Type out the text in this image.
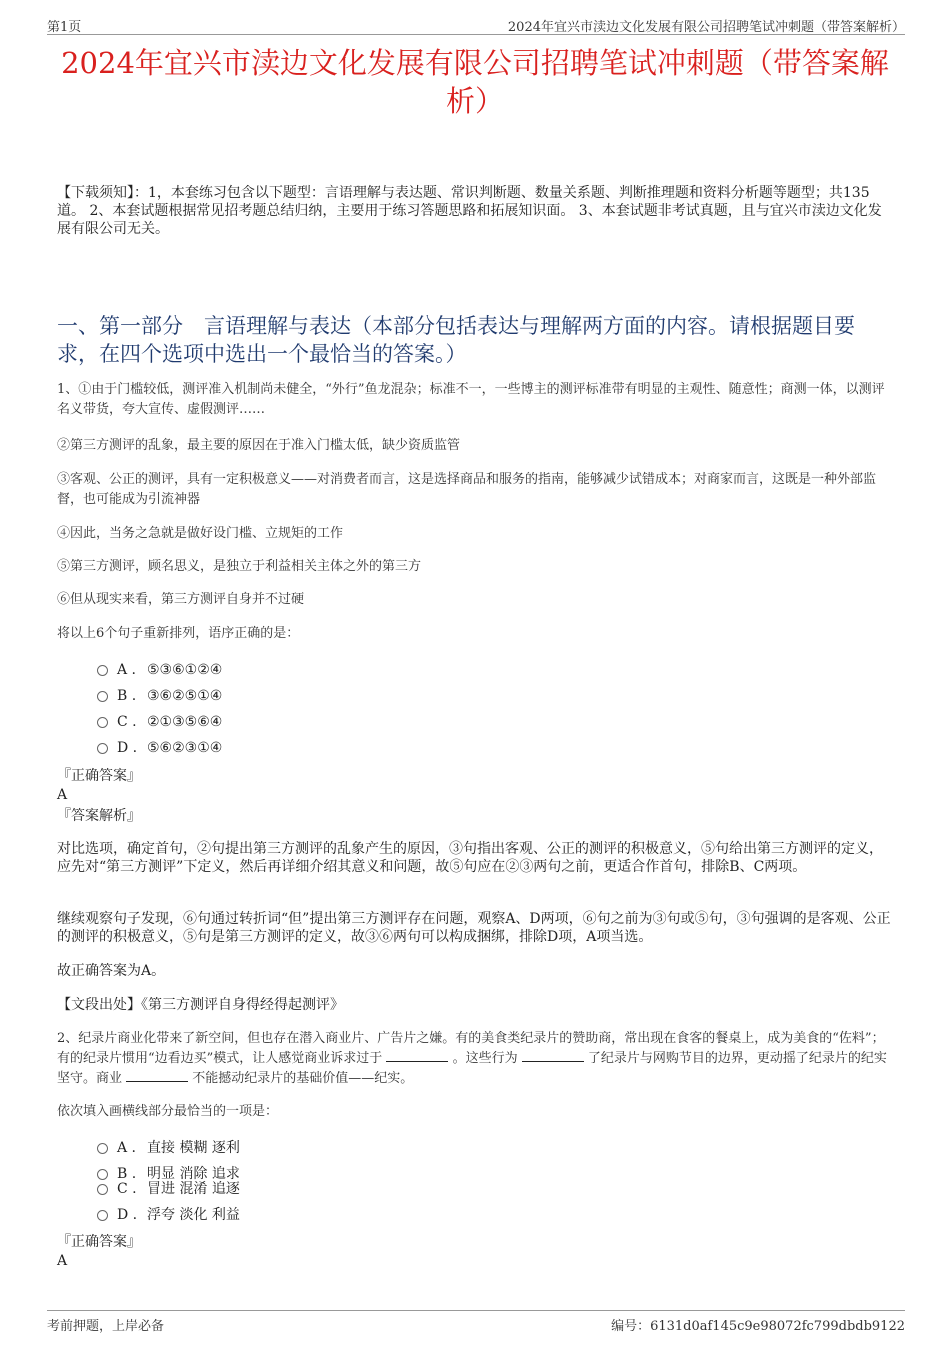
第1页	2024年宜兴市渎边文化发展有限公司招聘笔试冲刺题（带答案解析）
2024年宜兴市渎边文化发展有限公司招聘笔试冲刺题（带答案解析）
【下载须知】：1，本套练习包含以下题型：言语理解与表达题、常识判断题、数量关系题、判断推理题和资料分析题等题型；共135道。 2、本套试题根据常见招考题总结归纳，主要用于练习答题思路和拓展知识面。 3、本套试题非考试真题，且与宜兴市渎边文化发展有限公司无关。
一、第一部分　言语理解与表达（本部分包括表达与理解两方面的内容。请根据题目要求，在四个选项中选出一个最恰当的答案。）
1、①由于门槛较低，测评准入机制尚未健全，“外行”鱼龙混杂；标准不一，一些博主的测评标准带有明显的主观性、随意性；商测一体，以测评名义带货，夸大宣传、虚假测评……
②第三方测评的乱象，最主要的原因在于准入门槛太低，缺少资质监管
③客观、公正的测评，具有一定积极意义——对消费者而言，这是选择商品和服务的指南，能够减少试错成本；对商家而言，这既是一种外部监督，也可能成为引流神器
④因此，当务之急就是做好设门槛、立规矩的工作
⑤第三方测评，顾名思义，是独立于利益相关主体之外的第三方
⑥但从现实来看，第三方测评自身并不过硬
将以上6个句子重新排列，语序正确的是：
A . ⑤③⑥①②④
B . ③⑥②⑤①④
C . ②①③⑤⑥④
D . ⑤⑥②③①④
『正确答案』
A
『答案解析』
对比选项，确定首句，②句提出第三方测评的乱象产生的原因，③句指出客观、公正的测评的积极意义，⑤句给出第三方测评的定义，应先对“第三方测评”下定义，然后再详细介绍其意义和问题，故⑤句应在②③两句之前，更适合作首句，排除B、C两项。
继续观察句子发现，⑥句通过转折词“但”提出第三方测评存在问题，观察A、D两项，⑥句之前为③句或⑤句，③句强调的是客观、公正的测评的积极意义，⑤句是第三方测评的定义，故③⑥两句可以构成捆绑，排除D项，A项当选。
故正确答案为A。
【文段出处】《第三方测评自身得经得起测评》
2、纪录片商业化带来了新空间，但也存在潜入商业片、广告片之嫌。有的美食类纪录片的赞助商，常出现在食客的餐桌上，成为美食的“佐料”；有的纪录片惯用“边看边买”模式，让人感觉商业诉求过于	。这些行为	了纪录片与网购节目的边界，更动摇了纪录片的纪实坚守。商业	不能撼动纪录片的基础价值——纪实。
依次填入画横线部分最恰当的一项是：
A . 直接 模糊 逐利
B . 明显 消除 追求
C . 冒进 混淆 追逐
D . 浮夸 淡化 利益
『正确答案』
A
考前押题，上岸必备	编号：6131d0af145c9e98072fc799dbdb9122
